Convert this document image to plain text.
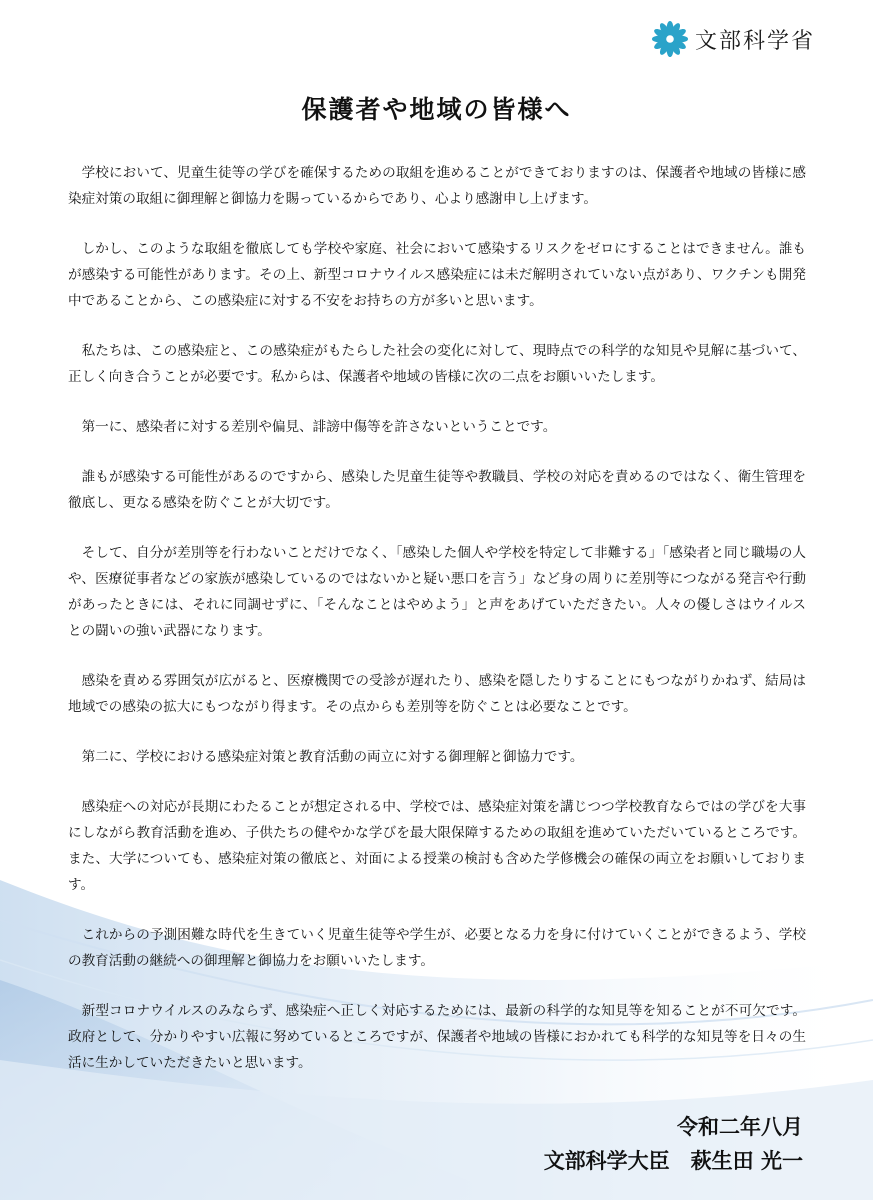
文部科学省
保護者や地域の皆様へ

学校において、児童生徒等の学びを確保するための取組を進めることができておりますのは、保護者や地域の皆様に感染症対策の取組に御理解と御協力を賜っているからであり、心より感謝申し上げます。

しかし、このような取組を徹底しても学校や家庭、社会において感染するリスクをゼロにすることはできません。誰もが感染する可能性があります。その上、新型コロナウイルス感染症には未だ解明されていない点があり、ワクチンも開発中であることから、この感染症に対する不安をお持ちの方が多いと思います。

私たちは、この感染症と、この感染症がもたらした社会の変化に対して、現時点での科学的な知見や見解に基づいて、正しく向き合うことが必要です。私からは、保護者や地域の皆様に次の二点をお願いいたします。

第一に、感染者に対する差別や偏見、誹謗中傷等を許さないということです。

誰もが感染する可能性があるのですから、感染した児童生徒等や教職員、学校の対応を責めるのではなく、衛生管理を徹底し、更なる感染を防ぐことが大切です。

そして、自分が差別等を行わないことだけでなく、「感染した個人や学校を特定して非難する」「感染者と同じ職場の人や、医療従事者などの家族が感染しているのではないかと疑い悪口を言う」など身の周りに差別等につながる発言や行動があったときには、それに同調せずに、「そんなことはやめよう」と声をあげていただきたい。人々の優しさはウイルスとの闘いの強い武器になります。

感染を責める雰囲気が広がると、医療機関での受診が遅れたり、感染を隠したりすることにもつながりかねず、結局は地域での感染の拡大にもつながり得ます。その点からも差別等を防ぐことは必要なことです。

第二に、学校における感染症対策と教育活動の両立に対する御理解と御協力です。

感染症への対応が長期にわたることが想定される中、学校では、感染症対策を講じつつ学校教育ならではの学びを大事にしながら教育活動を進め、子供たちの健やかな学びを最大限保障するための取組を進めていただいているところです。また、大学についても、感染症対策の徹底と、対面による授業の検討も含めた学修機会の確保の両立をお願いしております。

これからの予測困難な時代を生きていく児童生徒等や学生が、必要となる力を身に付けていくことができるよう、学校の教育活動の継続への御理解と御協力をお願いいたします。

新型コロナウイルスのみならず、感染症へ正しく対応するためには、最新の科学的な知見等を知ることが不可欠です。政府として、分かりやすい広報に努めているところですが、保護者や地域の皆様におかれても科学的な知見等を日々の生活に生かしていただきたいと思います。

令和二年八月
文部科学大臣　萩生田 光一
